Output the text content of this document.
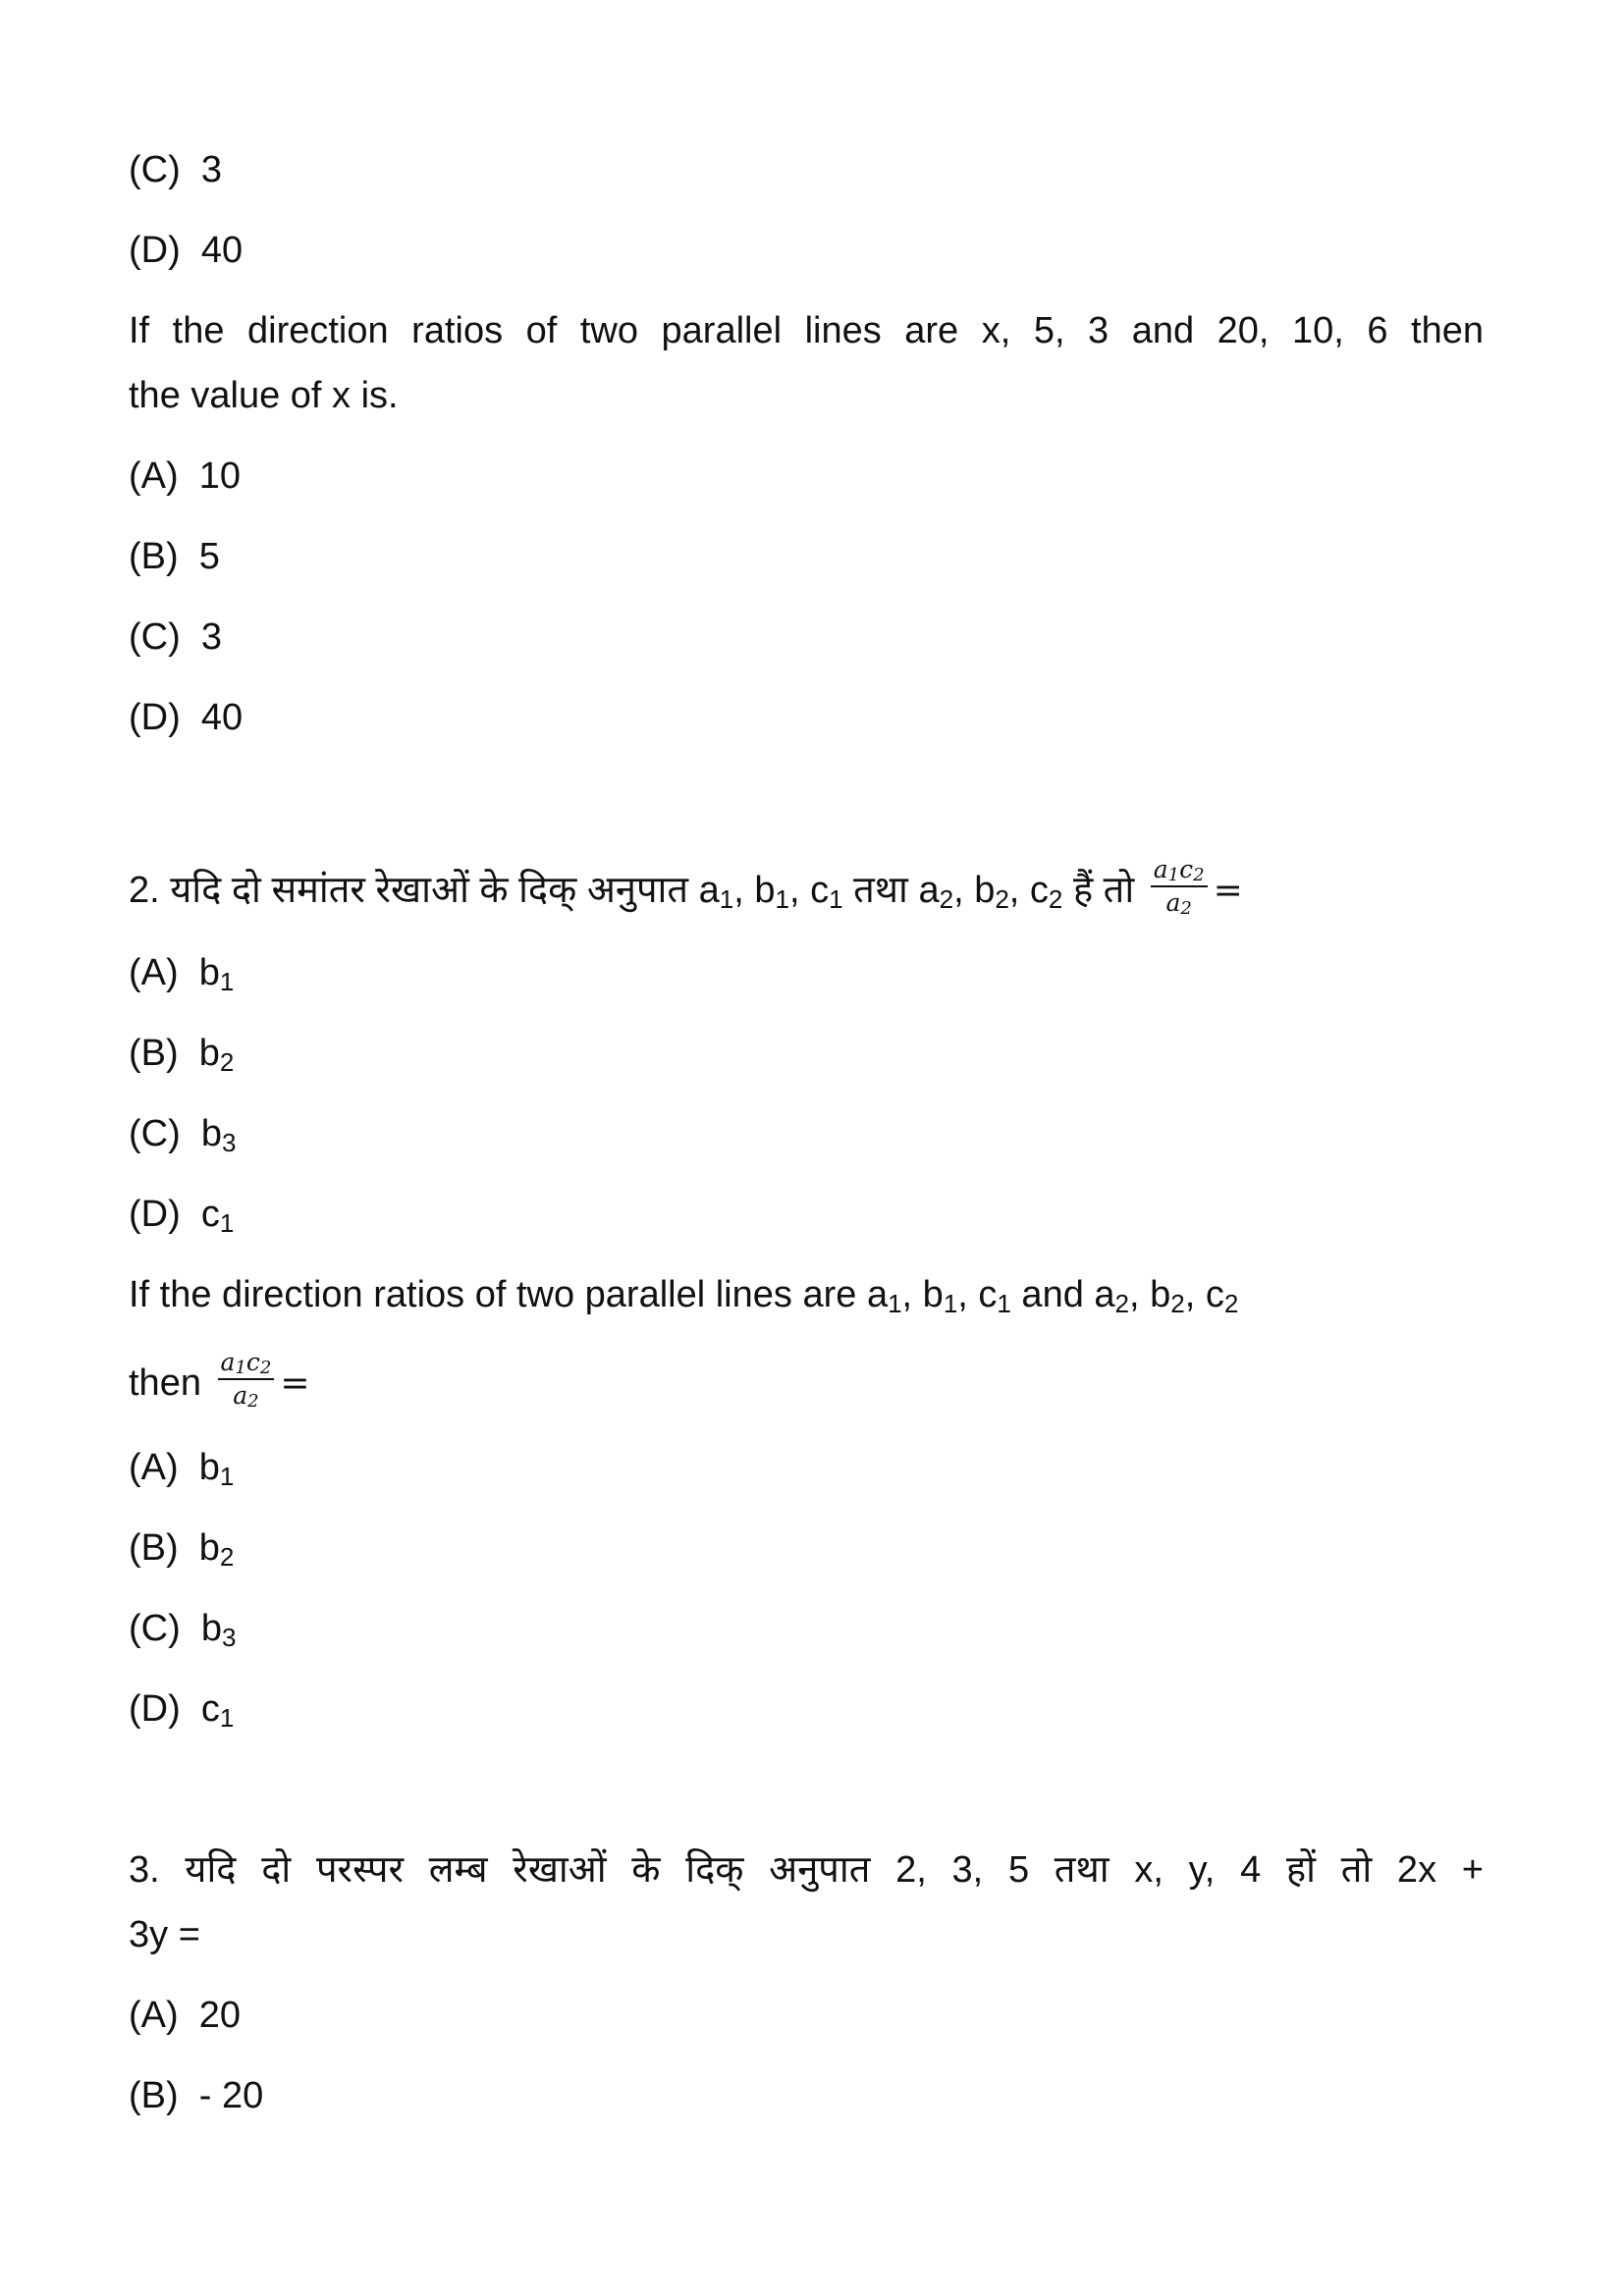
(C) 3
(D) 40
If the direction ratios of two parallel lines are x, 5, 3 and 20, 10, 6 then
the value of x is.
(A) 10
(B) 5
(C) 3
(D) 40
2. यदि दो समांतर रेखाओं के दिक् अनुपात $a_1$, $b_1$, $c_1$ तथा $a_2$, $b_2$, $c_2$ हैं तो $\frac{a_1c_2}{a_2}$ =
(A) $b_1$
(B) $b_2$
(C) $b_3$
(D) $c_1$
If the direction ratios of two parallel lines are $a_1$, $b_1$, $c_1$ and $a_2$, $b_2$, $c_2$
then $\frac{a_1c_2}{a_2}$ =
(A) $b_1$
(B) $b_2$
(C) $b_3$
(D) $c_1$
3. यदि दो परस्पर लम्ब रेखाओं के दिक् अनुपात 2, 3, 5 तथा x, y, 4 हों तो 2x +
3y =
(A) 20
(B) - 20
